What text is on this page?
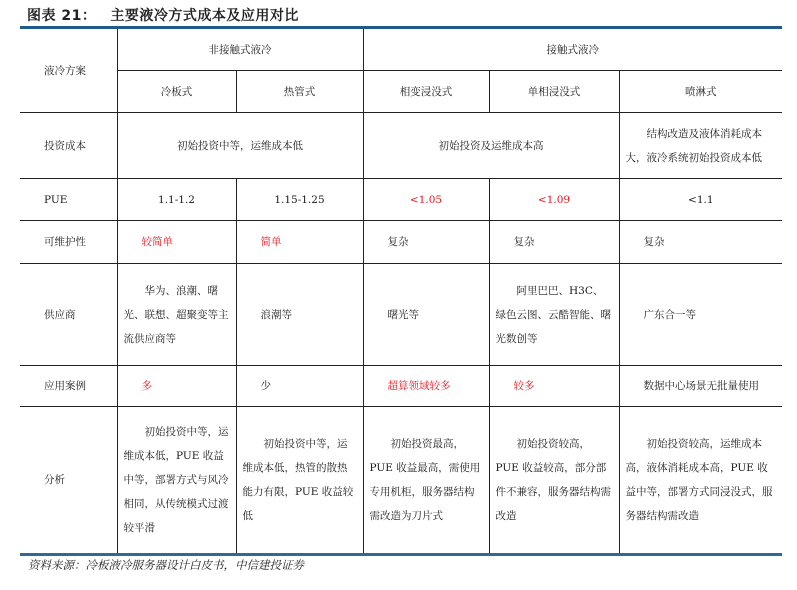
图表 21： 主要液冷方式成本及应用对比
液冷方案	非接触式液冷		接触式液冷		
	冷板式	热管式	相变浸没式	单相浸没式	喷淋式
投资成本	初始投资中等，运维成本低		初始投资及运维成本高		结构改造及液体消耗成本大，液冷系统初始投资成本低
PUE	1.1-1.2	1.15-1.25	<1.05	<1.09	<1.1
可维护性	较简单	简单	复杂	复杂	复杂
供应商	华为、浪潮、曙光、联想、超聚变等主流供应商等	浪潮等	曙光等	阿里巴巴、H3C、绿色云图、云酷智能、曙光数创等	广东合一等
应用案例	多	少	超算领域较多	较多	数据中心场景无批量使用
分析	初始投资中等，运维成本低，PUE 收益中等，部署方式与风冷相同，从传统模式过渡较平滑	初始投资中等，运维成本低，热管的散热能力有限，PUE 收益较低	初始投资最高，PUE 收益最高，需使用专用机柜，服务器结构需改造为刀片式	初始投资较高，PUE 收益较高，部分部件不兼容，服务器结构需改造	初始投资较高，运维成本高，液体消耗成本高，PUE 收益中等，部署方式同浸没式，服务器结构需改造
资料来源：冷板液冷服务器设计白皮书，中信建投证券
